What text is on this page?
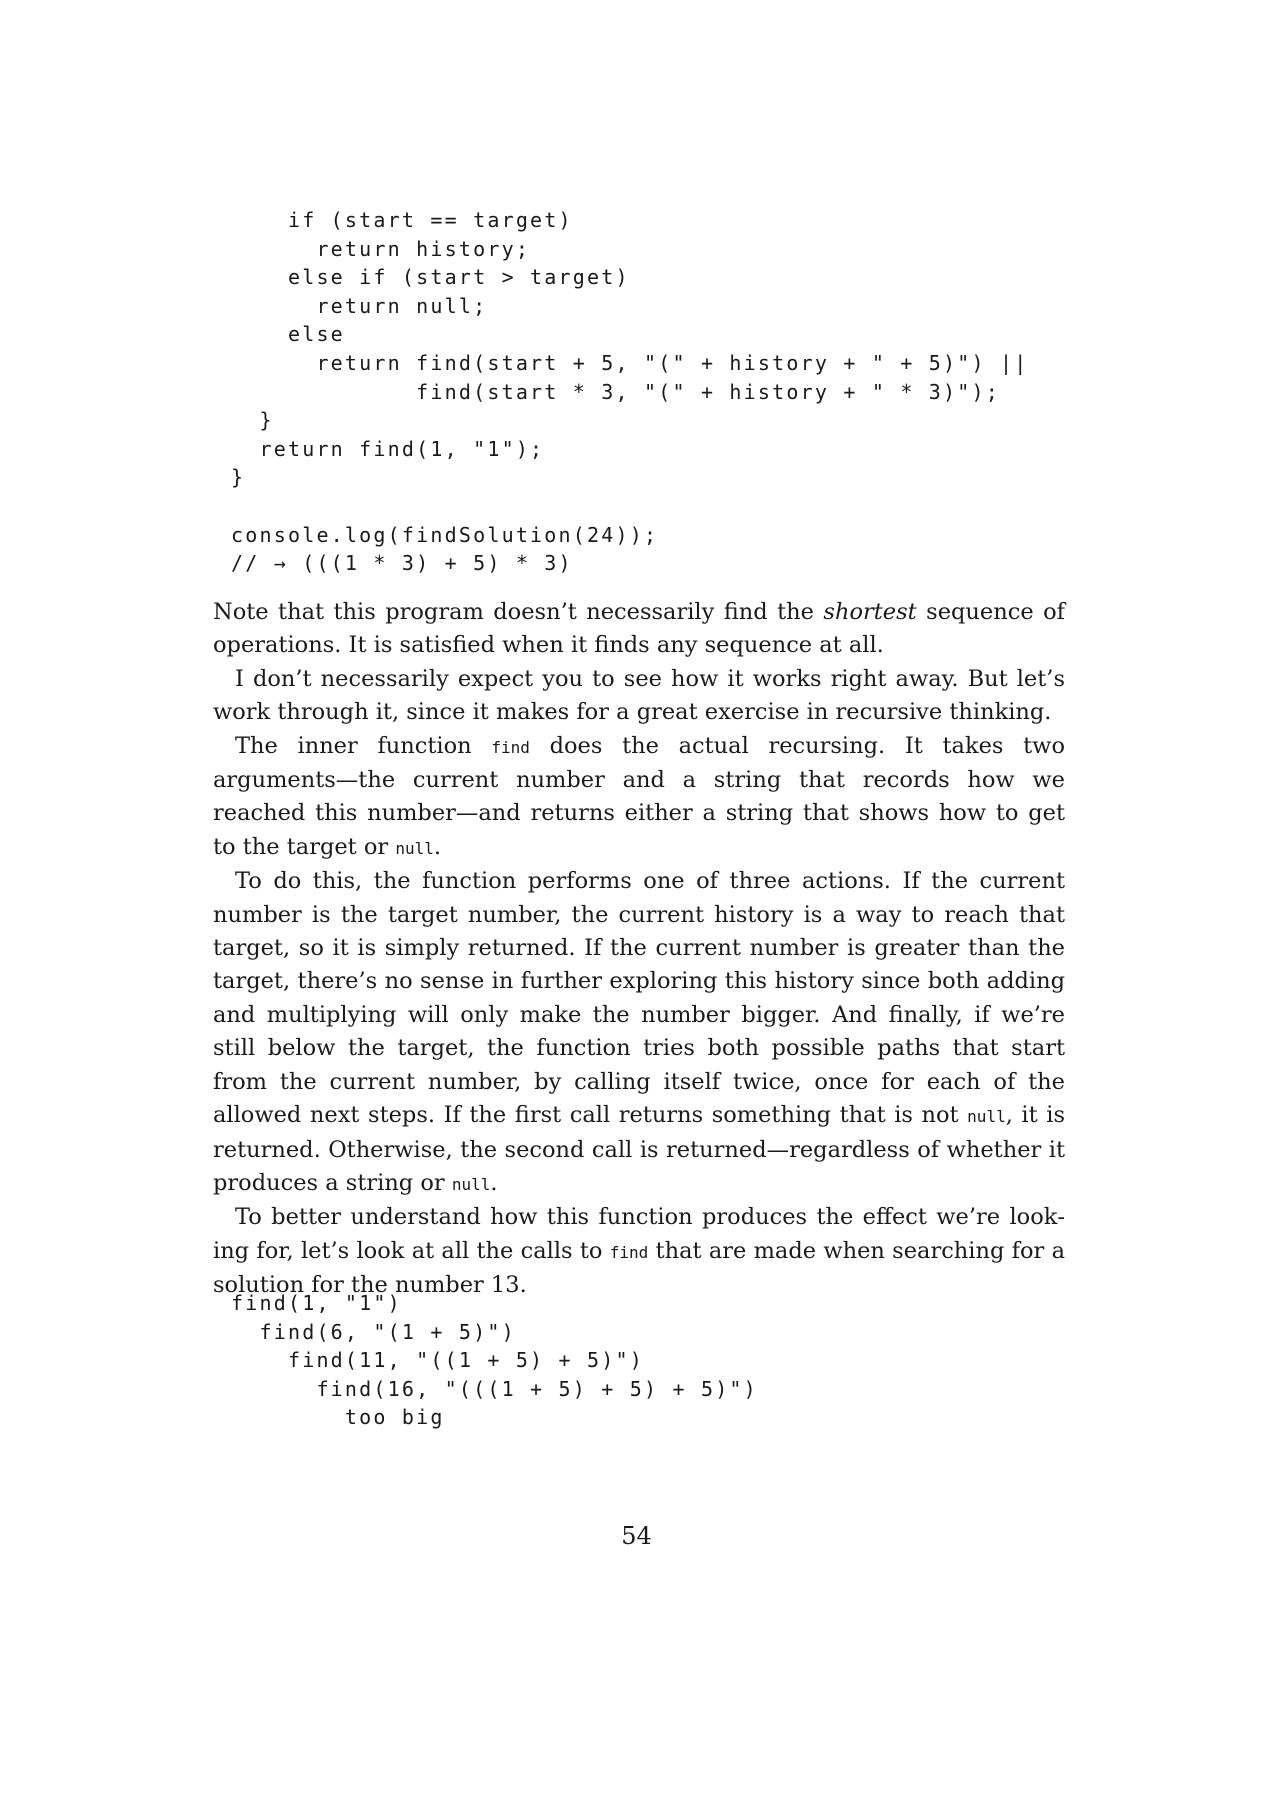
if (start == target)
return history;
else if (start > target)
return null;
else
return find(start + 5, "(" + history + " + 5)") ||
find(start * 3, "(" + history + " * 3)");
}
return find(1, "1");
}

console.log(findSolution(24));
// → (((1 * 3) + 5) * 3)

Note that this program doesn’t necessarily find the shortest sequence of operations. It is satisfied when it finds any sequence at all.

I don’t necessarily expect you to see how it works right away. But let’s work through it, since it makes for a great exercise in recursive thinking.

The inner function find does the actual recursing. It takes two arguments—the current number and a string that records how we reached this number—and returns either a string that shows how to get to the target or null.

To do this, the function performs one of three actions. If the current number is the target number, the current history is a way to reach that target, so it is simply returned. If the current number is greater than the target, there’s no sense in further exploring this history since both adding and multiplying will only make the number bigger. And finally, if we’re still below the target, the function tries both possible paths that start from the current number, by calling itself twice, once for each of the allowed next steps. If the first call returns something that is not null, it is returned. Otherwise, the second call is returned—regardless of whether it produces a string or null.

To better understand how this function produces the effect we’re looking for, let’s look at all the calls to find that are made when searching for a solution for the number 13.

find(1, "1")
find(6, "(1 + 5)")
find(11, "((1 + 5) + 5)")
find(16, "(((1 + 5) + 5) + 5)")
too big
54
